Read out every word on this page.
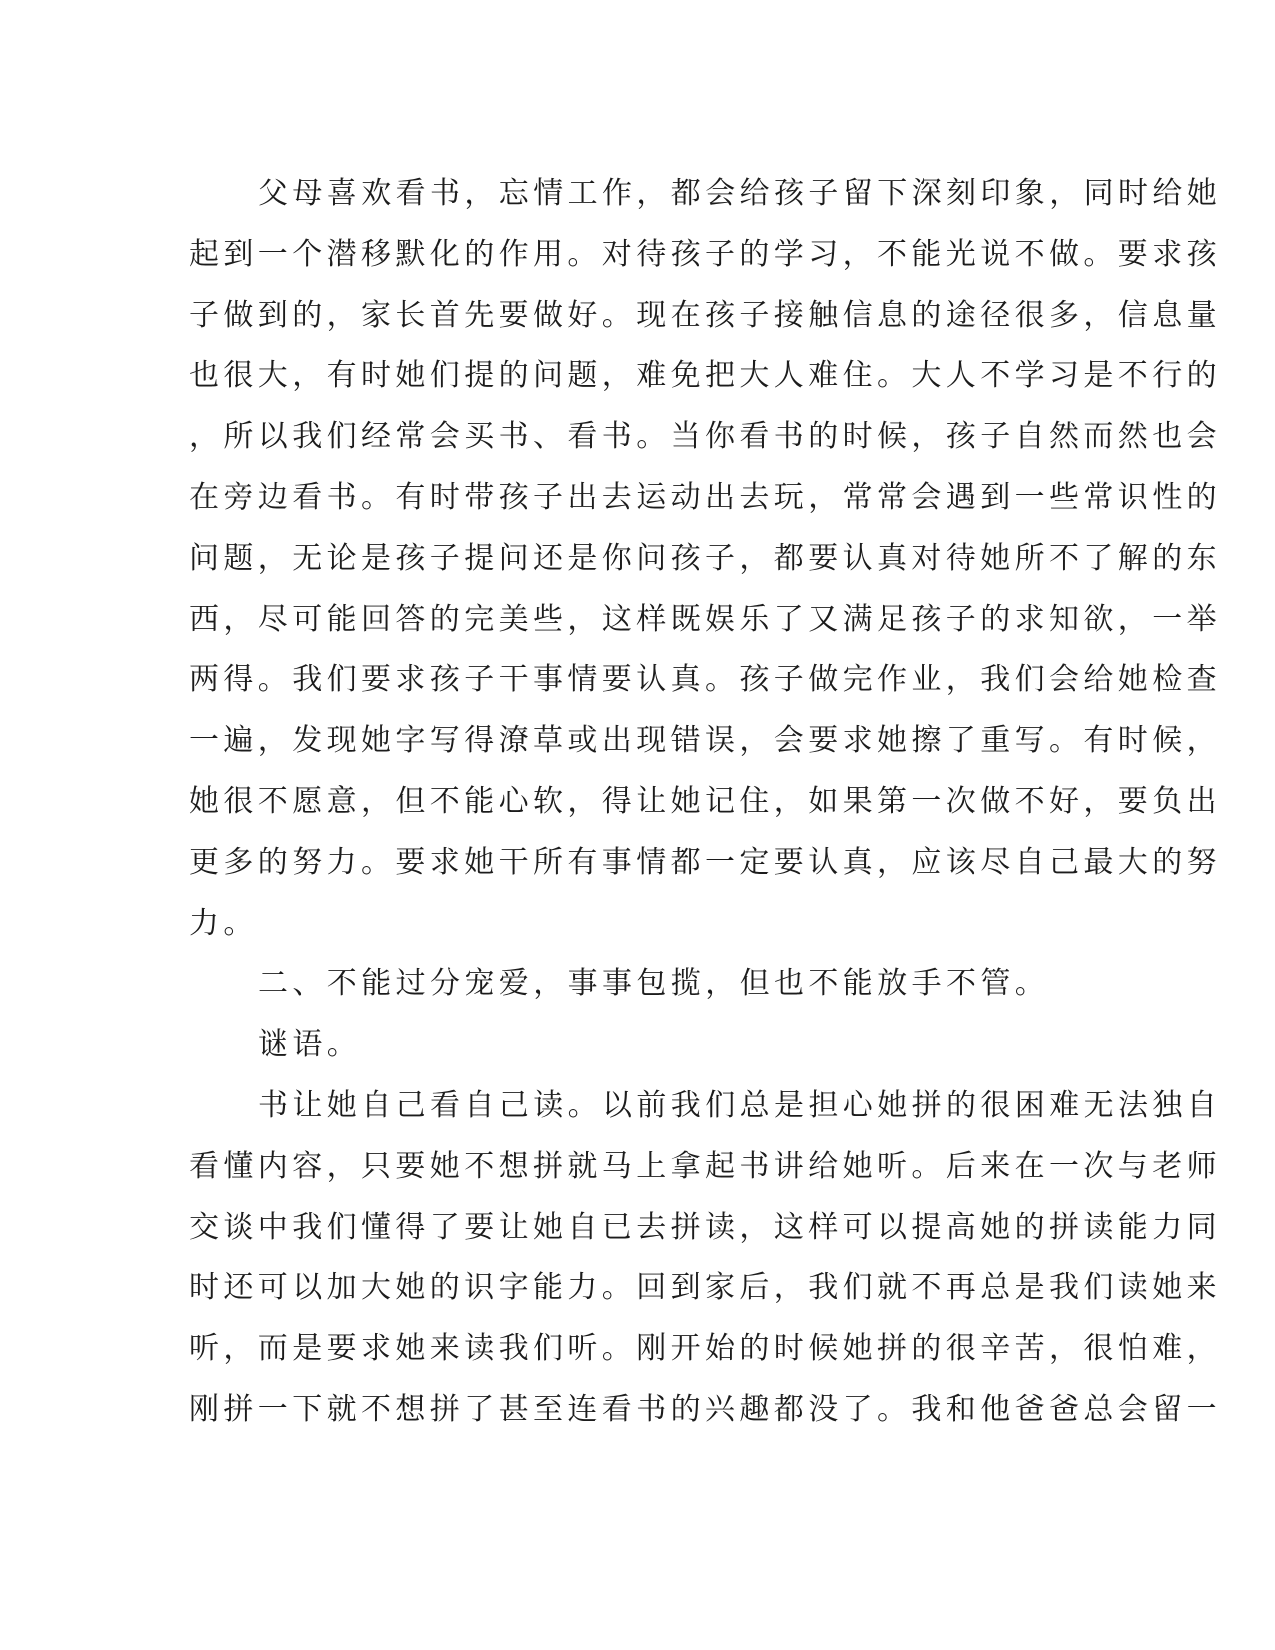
父母喜欢看书，忘情工作，都会给孩子留下深刻印象，同时给她
起到一个潜移默化的作用。对待孩子的学习，不能光说不做。要求孩
子做到的，家长首先要做好。现在孩子接触信息的途径很多，信息量
也很大，有时她们提的问题，难免把大人难住。大人不学习是不行的
，所以我们经常会买书、看书。当你看书的时候，孩子自然而然也会
在旁边看书。有时带孩子出去运动出去玩，常常会遇到一些常识性的
问题，无论是孩子提问还是你问孩子，都要认真对待她所不了解的东
西，尽可能回答的完美些，这样既娱乐了又满足孩子的求知欲，一举
两得。我们要求孩子干事情要认真。孩子做完作业，我们会给她检查
一遍，发现她字写得潦草或出现错误，会要求她擦了重写。有时候，
她很不愿意，但不能心软，得让她记住，如果第一次做不好，要负出
更多的努力。要求她干所有事情都一定要认真，应该尽自己最大的努
力。
二、不能过分宠爱，事事包揽，但也不能放手不管。
谜语。
书让她自己看自己读。以前我们总是担心她拼的很困难无法独自
看懂内容，只要她不想拼就马上拿起书讲给她听。后来在一次与老师
交谈中我们懂得了要让她自已去拼读，这样可以提高她的拼读能力同
时还可以加大她的识字能力。回到家后，我们就不再总是我们读她来
听，而是要求她来读我们听。刚开始的时候她拼的很辛苦，很怕难，
刚拼一下就不想拼了甚至连看书的兴趣都没了。我和他爸爸总会留一
